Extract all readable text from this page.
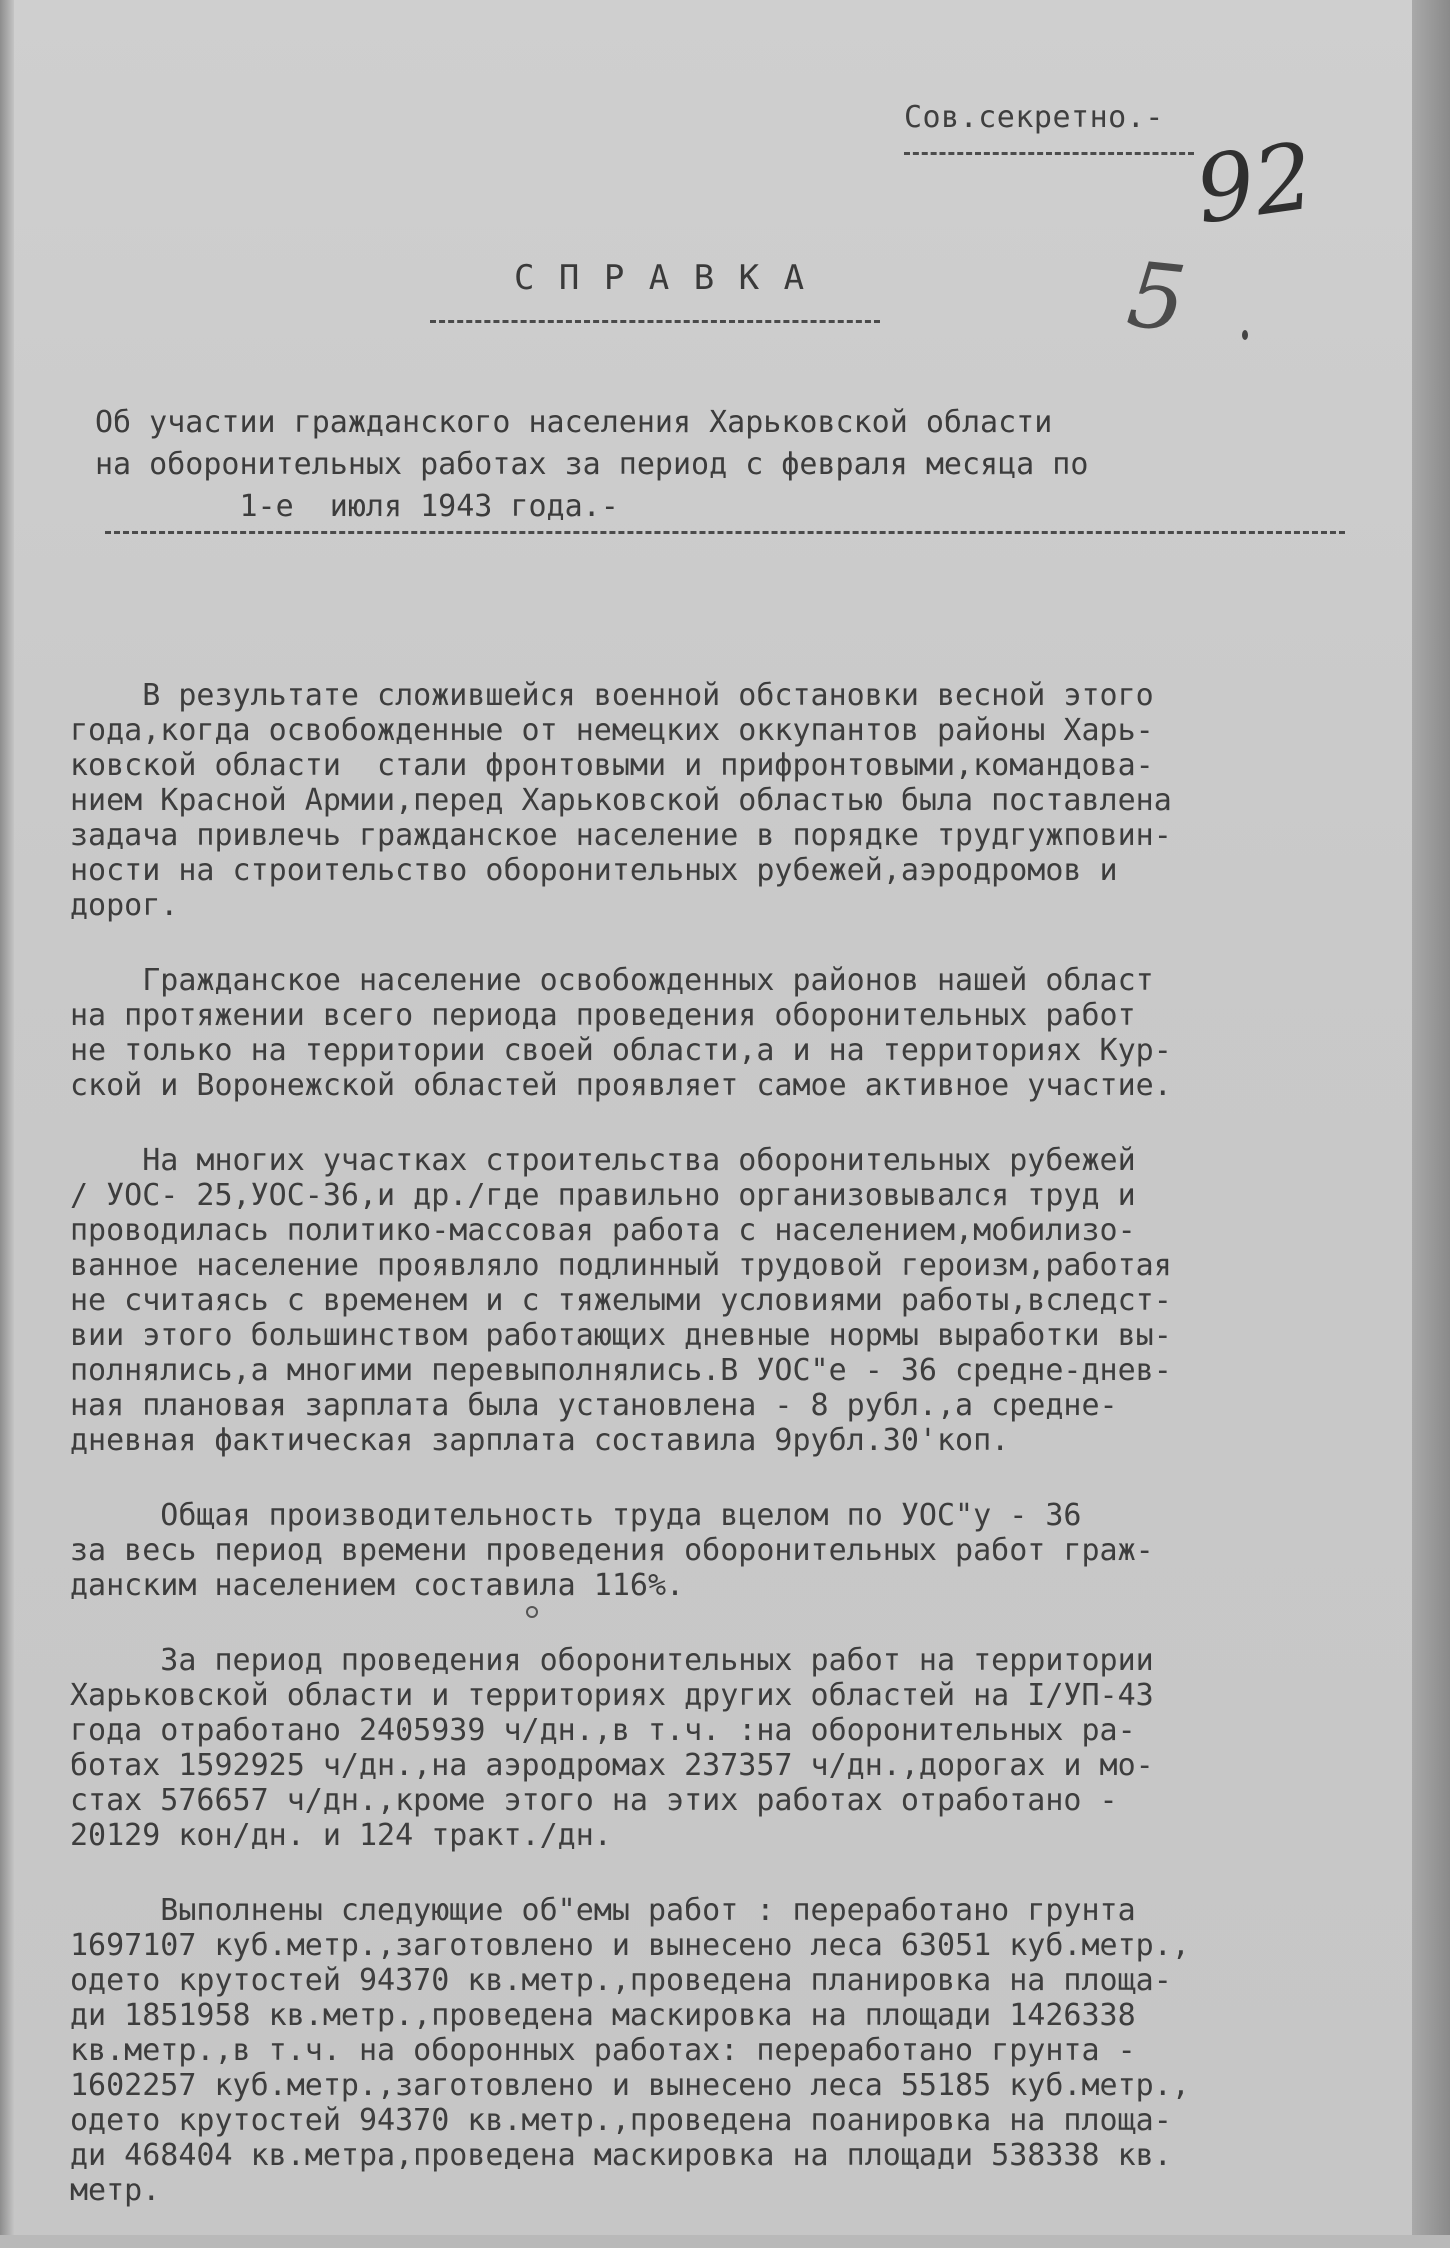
Сов.секретно.-
92
5
С П Р А В К А
Об участии гражданского населения Харьковской области
на оборонительных работах за период с февраля месяца по
1-е  июля 1943 года.-
В результате сложившейся военной обстановки весной этого
года,когда освобожденные от немецких оккупантов районы Харь-
ковской области  стали фронтовыми и прифронтовыми,командова-
нием Красной Армии,перед Харьковской областью была поставлена
задача привлечь гражданское население в порядке трудгужповин-
ности на строительство оборонительных рубежей,аэродромов и
дорог.
Гражданское население освобожденных районов нашей област
на протяжении всего периода проведения оборонительных работ
не только на территории своей области,а и на территориях Кур-
ской и Воронежской областей проявляет самое активное участие.
На многих участках строительства оборонительных рубежей
/ УОС- 25,УОС-36,и др./где правильно организовывался труд и
проводилась политико-массовая работа с населением,мобилизо-
ванное население проявляло подлинный трудовой героизм,работая
не считаясь с временем и с тяжелыми условиями работы,вследст-
вии этого большинством работающих дневные нормы выработки вы-
полнялись,а многими перевыполнялись.В УОС"е - 36 средне-днев-
ная плановая зарплата была установлена - 8 рубл.,а средне-
дневная фактическая зарплата составила 9рубл.30'коп.
Общая производительность труда вцелом по УОС"у - 36
за весь период времени проведения оборонительных работ граж-
данским населением составила 116%.
За период проведения оборонительных работ на территории
Харьковской области и территориях других областей на I/УП-43
года отработано 2405939 ч/дн.,в т.ч. :на оборонительных ра-
ботах 1592925 ч/дн.,на аэродромах 237357 ч/дн.,дорогах и мо-
стах 576657 ч/дн.,кроме этого на этих работах отработано -
20129 кон/дн. и 124 тракт./дн.
Выполнены следующие об"емы работ : переработано грунта
1697107 куб.метр.,заготовлено и вынесено леса 63051 куб.метр.,
одето крутостей 94370 кв.метр.,проведена планировка на площа-
ди 1851958 кв.метр.,проведена маскировка на площади 1426338
кв.метр.,в т.ч. на оборонных работах: переработано грунта -
1602257 куб.метр.,заготовлено и вынесено леса 55185 куб.метр.,
одето крутостей 94370 кв.метр.,проведена поанировка на площа-
ди 468404 кв.метра,проведена маскировка на площади 538338 кв.
метр.
